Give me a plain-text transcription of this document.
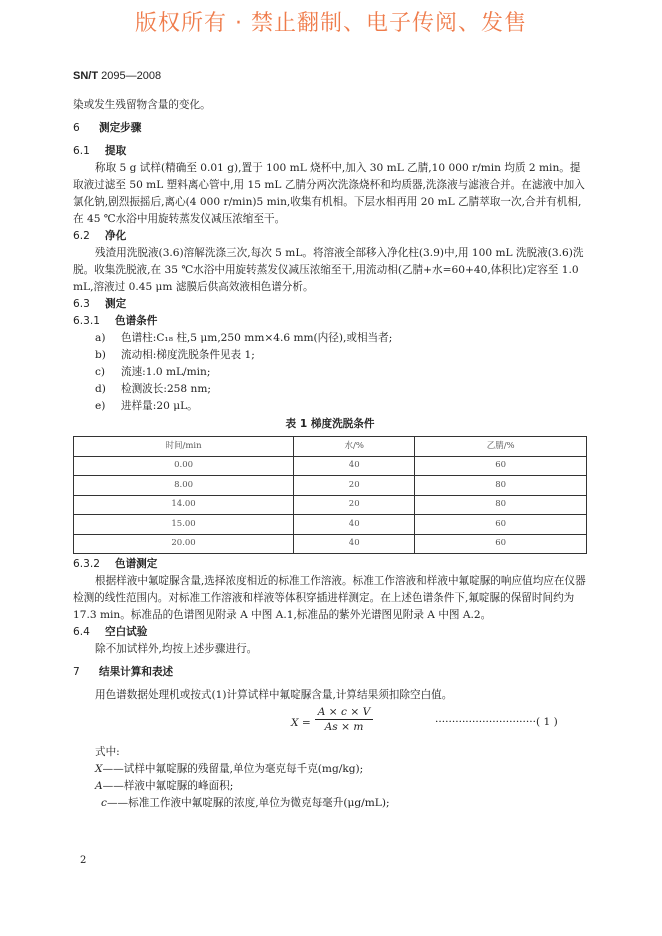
版权所有 · 禁止翻制、电子传阅、发售
SN/T 2095—2008

染或发生残留物含量的变化。

6 测定步骤
6.1 提取

称取 5 g 试样(精确至 0.01 g),置于 100 mL 烧杯中,加入 30 mL 乙腈,10 000 r/min 均质 2 min。提取液过滤至 50 mL 塑料离心管中,用 15 mL 乙腈分两次洗涤烧杯和均质器,洗涤液与滤液合并。在滤液中加入氯化钠,剧烈振摇后,离心(4 000 r/min)5 min,收集有机相。下层水相再用 20 mL 乙腈萃取一次,合并有机相,在 45 ℃水浴中用旋转蒸发仪减压浓缩至干。

6.2 净化

残渣用洗脱液(3.6)溶解洗涤三次,每次 5 mL。将溶液全部移入净化柱(3.9)中,用 100 mL 洗脱液(3.6)洗脱。收集洗脱液,在 35 ℃水浴中用旋转蒸发仪减压浓缩至干,用流动相(乙腈+水=60+40,体积比)定容至 1.0 mL,溶液过 0.45 μm 滤膜后供高效液相色谱分析。

6.3 测定
6.3.1 色谱条件
a) 色谱柱:C₁₈ 柱,5 μm,250 mm×4.6 mm(内径),或相当者;
b) 流动相:梯度洗脱条件见表 1;
c) 流速:1.0 mL/min;
d) 检测波长:258 nm;
e) 进样量:20 μL。
表 1 梯度洗脱条件
时间/min	水/%	乙腈/%
0.00	40	60
8.00	20	80
14.00	20	80
15.00	40	60
20.00	40	60
6.3.2 色谱测定

根据样液中氟啶脲含量,选择浓度相近的标准工作溶液。标准工作溶液和样液中氟啶脲的响应值均应在仪器检测的线性范围内。对标准工作溶液和样液等体积穿插进样测定。在上述色谱条件下,氟啶脲的保留时间约为 17.3 min。标准品的色谱图见附录 A 中图 A.1,标准品的紫外光谱图见附录 A 中图 A.2。

6.4 空白试验

除不加试样外,均按上述步骤进行。

7 结果计算和表述

用色谱数据处理机或按式(1)计算试样中氟啶脲含量,计算结果须扣除空白值。

$X = \frac{A \times c \times V}{As \times m}$	······························( 1 )

式中:

X——试样中氟啶脲的残留量,单位为毫克每千克(mg/kg);

A——样液中氟啶脲的峰面积;

c——标准工作液中氟啶脲的浓度,单位为微克每毫升(μg/mL);

2
